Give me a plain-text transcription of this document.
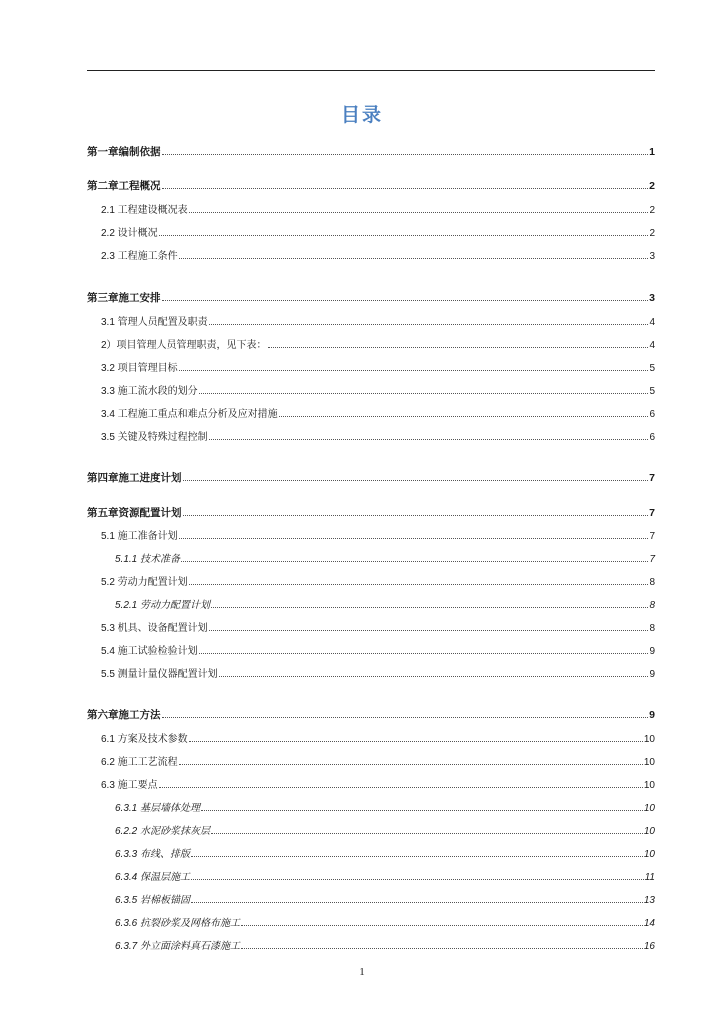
目录
第一章编制依据	1
第二章工程概况	2
2.1 工程建设概况表	2
2.2 设计概况	2
2.3 工程施工条件	3
第三章施工安排	3
3.1 管理人员配置及职责	4
2）项目管理人员管理职责，见下表：	4
3.2 项目管理目标	5
3.3 施工流水段的划分	5
3.4 工程施工重点和难点分析及应对措施	6
3.5 关键及特殊过程控制	6
第四章施工进度计划	7
第五章资源配置计划	7
5.1 施工准备计划	7
5.1.1 技术准备	7
5.2 劳动力配置计划	8
5.2.1 劳动力配置计划	8
5.3 机具、设备配置计划	8
5.4 施工试验检验计划	9
5.5 测量计量仪器配置计划	9
第六章施工方法	9
6.1 方案及技术参数	10
6.2 施工工艺流程	10
6.3 施工要点	10
6.3.1 基层墙体处理	10
6.2.2 水泥砂浆抹灰层	10
6.3.3 布线、排版	10
6.3.4 保温层施工	11
6.3.5 岩棉板锚固	13
6.3.6 抗裂砂浆及网格布施工	14
6.3.7 外立面涂料真石漆施工	16
1
